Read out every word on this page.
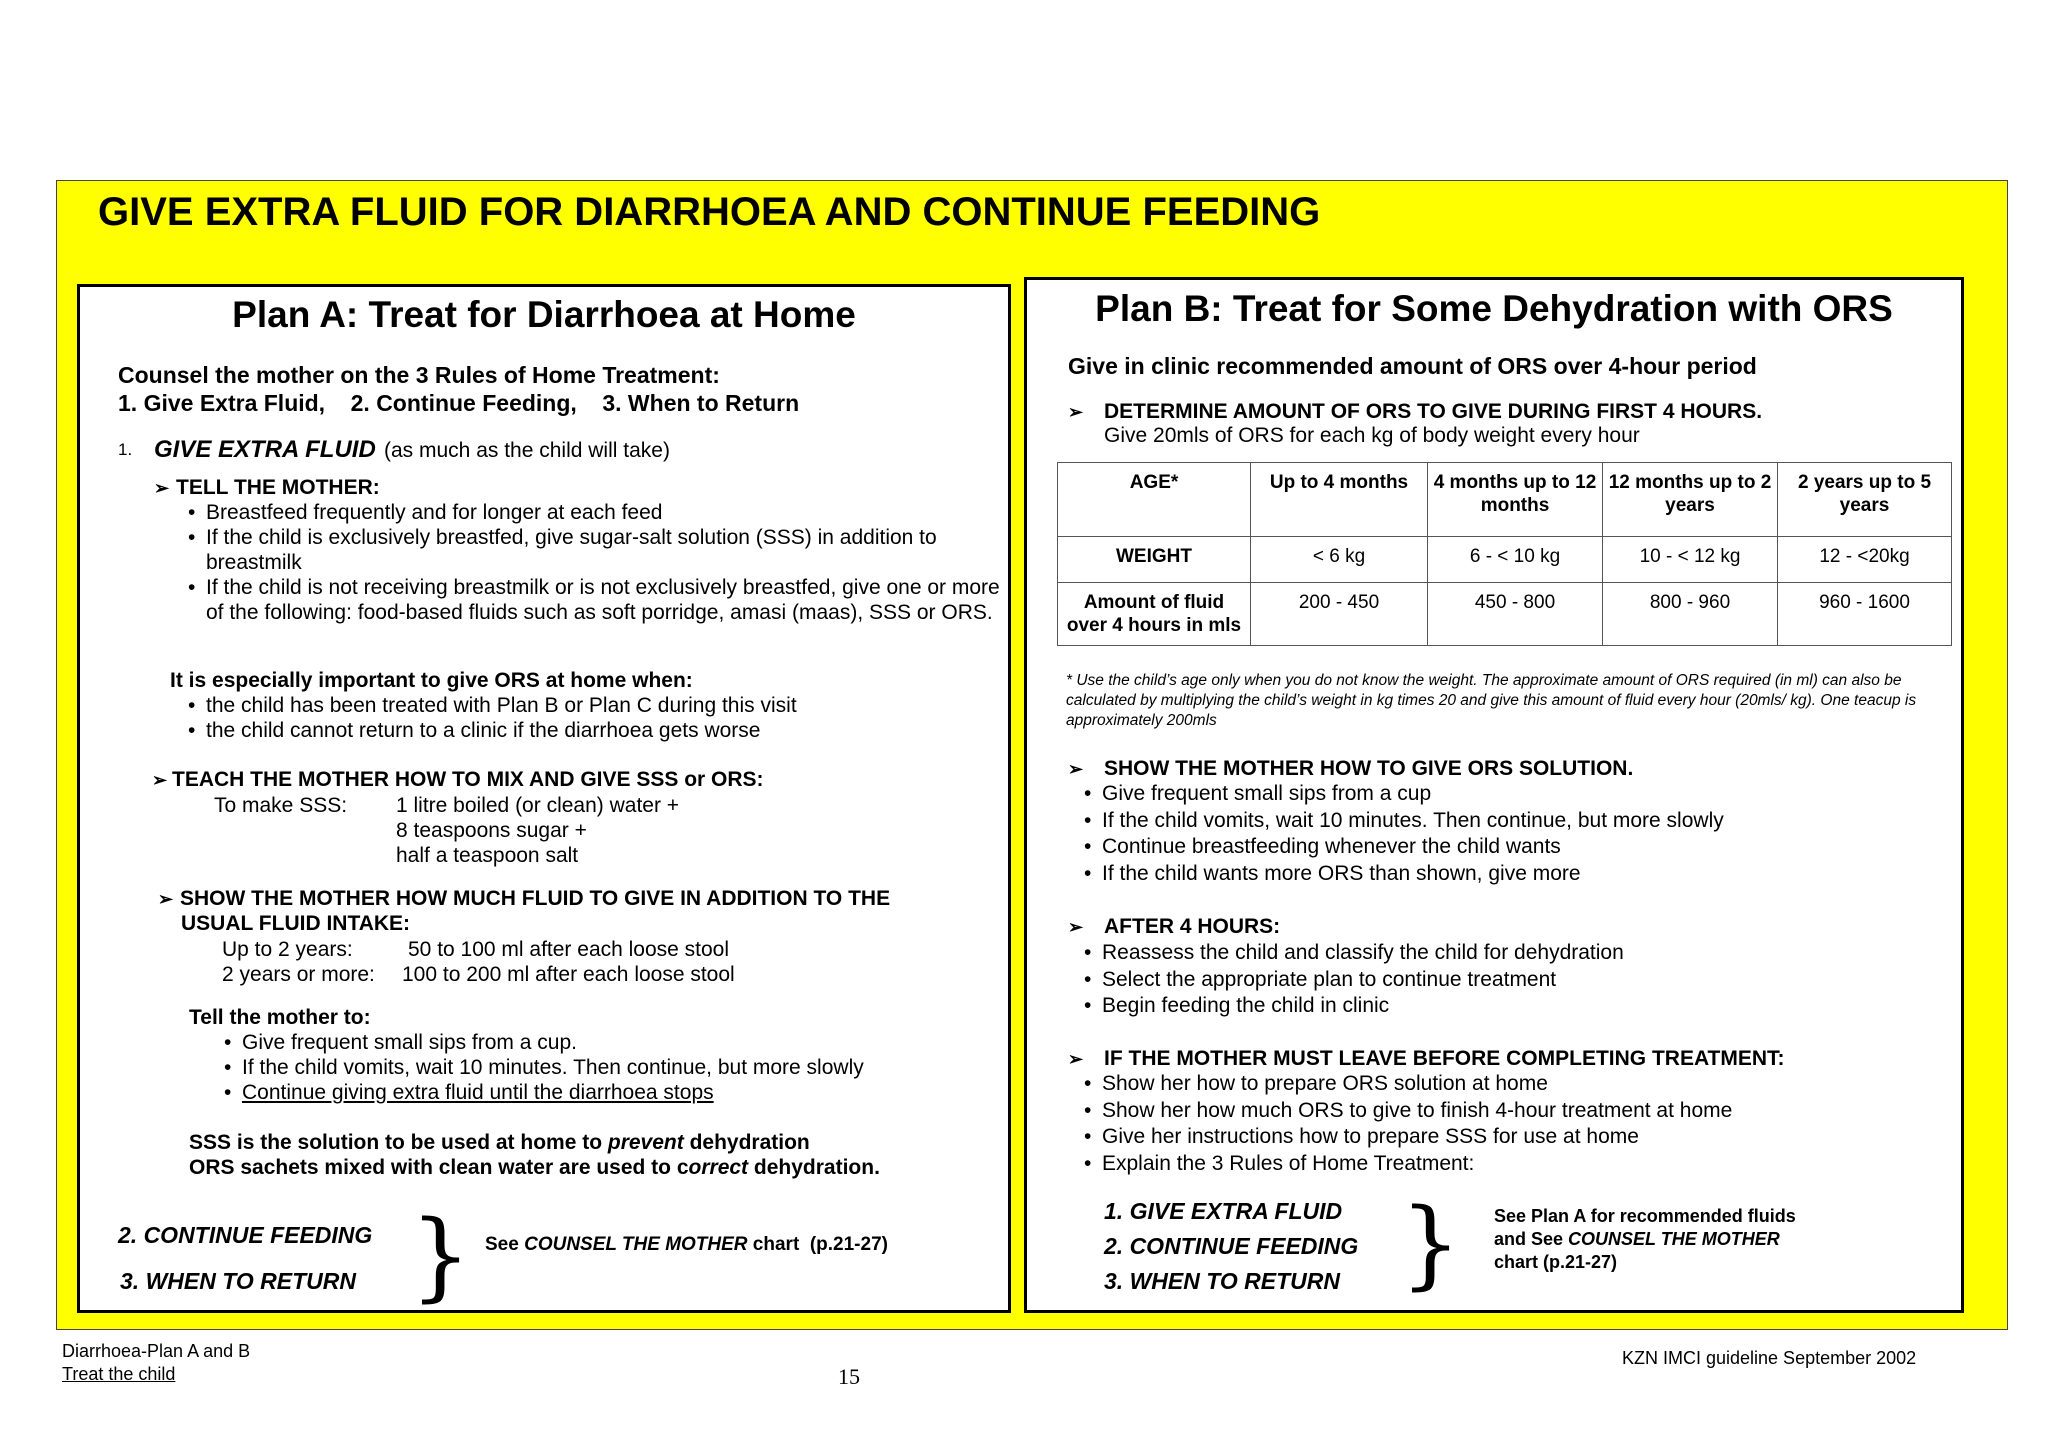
GIVE EXTRA FLUID FOR DIARRHOEA AND CONTINUE FEEDING
Plan A: Treat for Diarrhoea at Home
Counsel the mother on the 3 Rules of Home Treatment:
1. Give Extra Fluid,    2. Continue Feeding,    3. When to Return
1. GIVE EXTRA FLUID (as much as the child will take)
➢ TELL THE MOTHER:
• Breastfeed frequently and for longer at each feed
• If the child is exclusively breastfed, give sugar-salt solution (SSS) in addition to breastmilk
• If the child is not receiving breastmilk or is not exclusively breastfed, give one or more of the following: food-based fluids such as soft porridge, amasi (maas), SSS or ORS.
It is especially important to give ORS at home when:
• the child has been treated with Plan B or Plan C during this visit
• the child cannot return to a clinic if the diarrhoea gets worse
➢ TEACH THE MOTHER HOW TO MIX AND GIVE SSS or ORS:
To make SSS: 1 litre boiled (or clean) water +
8 teaspoons sugar +
half a teaspoon salt
➢ SHOW THE MOTHER HOW MUCH FLUID TO GIVE IN ADDITION TO THE
USUAL FLUID INTAKE:
Up to 2 years:	50 to 100 ml after each loose stool
2 years or more: 100 to 200 ml after each loose stool
Tell the mother to:
• Give frequent small sips from a cup.
• If the child vomits, wait 10 minutes. Then continue, but more slowly
• Continue giving extra fluid until the diarrhoea stops
SSS is the solution to be used at home to prevent dehydration
ORS sachets mixed with clean water are used to correct dehydration.
2. CONTINUE FEEDING
3. WHEN TO RETURN } See COUNSEL THE MOTHER chart  (p.21-27)
Plan B: Treat for Some Dehydration with ORS
Give in clinic recommended amount of ORS over 4-hour period
➢ DETERMINE AMOUNT OF ORS TO GIVE DURING FIRST 4 HOURS.
Give 20mls of ORS for each kg of body weight every hour
AGE*	Up to 4 months	4 months up to 12 months	12 months up to 2 years	2 years up to 5 years
WEIGHT	< 6 kg	6 - < 10 kg	10 - < 12 kg	12 - <20kg
Amount of fluid over 4 hours in mls	200 - 450	450 - 800	800 - 960	960 - 1600
* Use the child’s age only when you do not know the weight. The approximate amount of ORS required (in ml) can also be calculated by multiplying the child’s weight in kg times 20 and give this amount of fluid every hour (20mls/ kg). One teacup is approximately 200mls
➢ SHOW THE MOTHER HOW TO GIVE ORS SOLUTION.
• Give frequent small sips from a cup
• If the child vomits, wait 10 minutes. Then continue, but more slowly
• Continue breastfeeding whenever the child wants
• If the child wants more ORS than shown, give more
➢ AFTER 4 HOURS:
• Reassess the child and classify the child for dehydration
• Select the appropriate plan to continue treatment
• Begin feeding the child in clinic
➢ IF THE MOTHER MUST LEAVE BEFORE COMPLETING TREATMENT:
• Show her how to prepare ORS solution at home
• Show her how much ORS to give to finish 4-hour treatment at home
• Give her instructions how to prepare SSS for use at home
• Explain the 3 Rules of Home Treatment:
1. GIVE EXTRA FLUID
2. CONTINUE FEEDING
3. WHEN TO RETURN } See Plan A for recommended fluids
and See COUNSEL THE MOTHER
chart (p.21-27)
Diarrhoea-Plan A and B
Treat the child	15
KZN IMCI guideline September 2002
